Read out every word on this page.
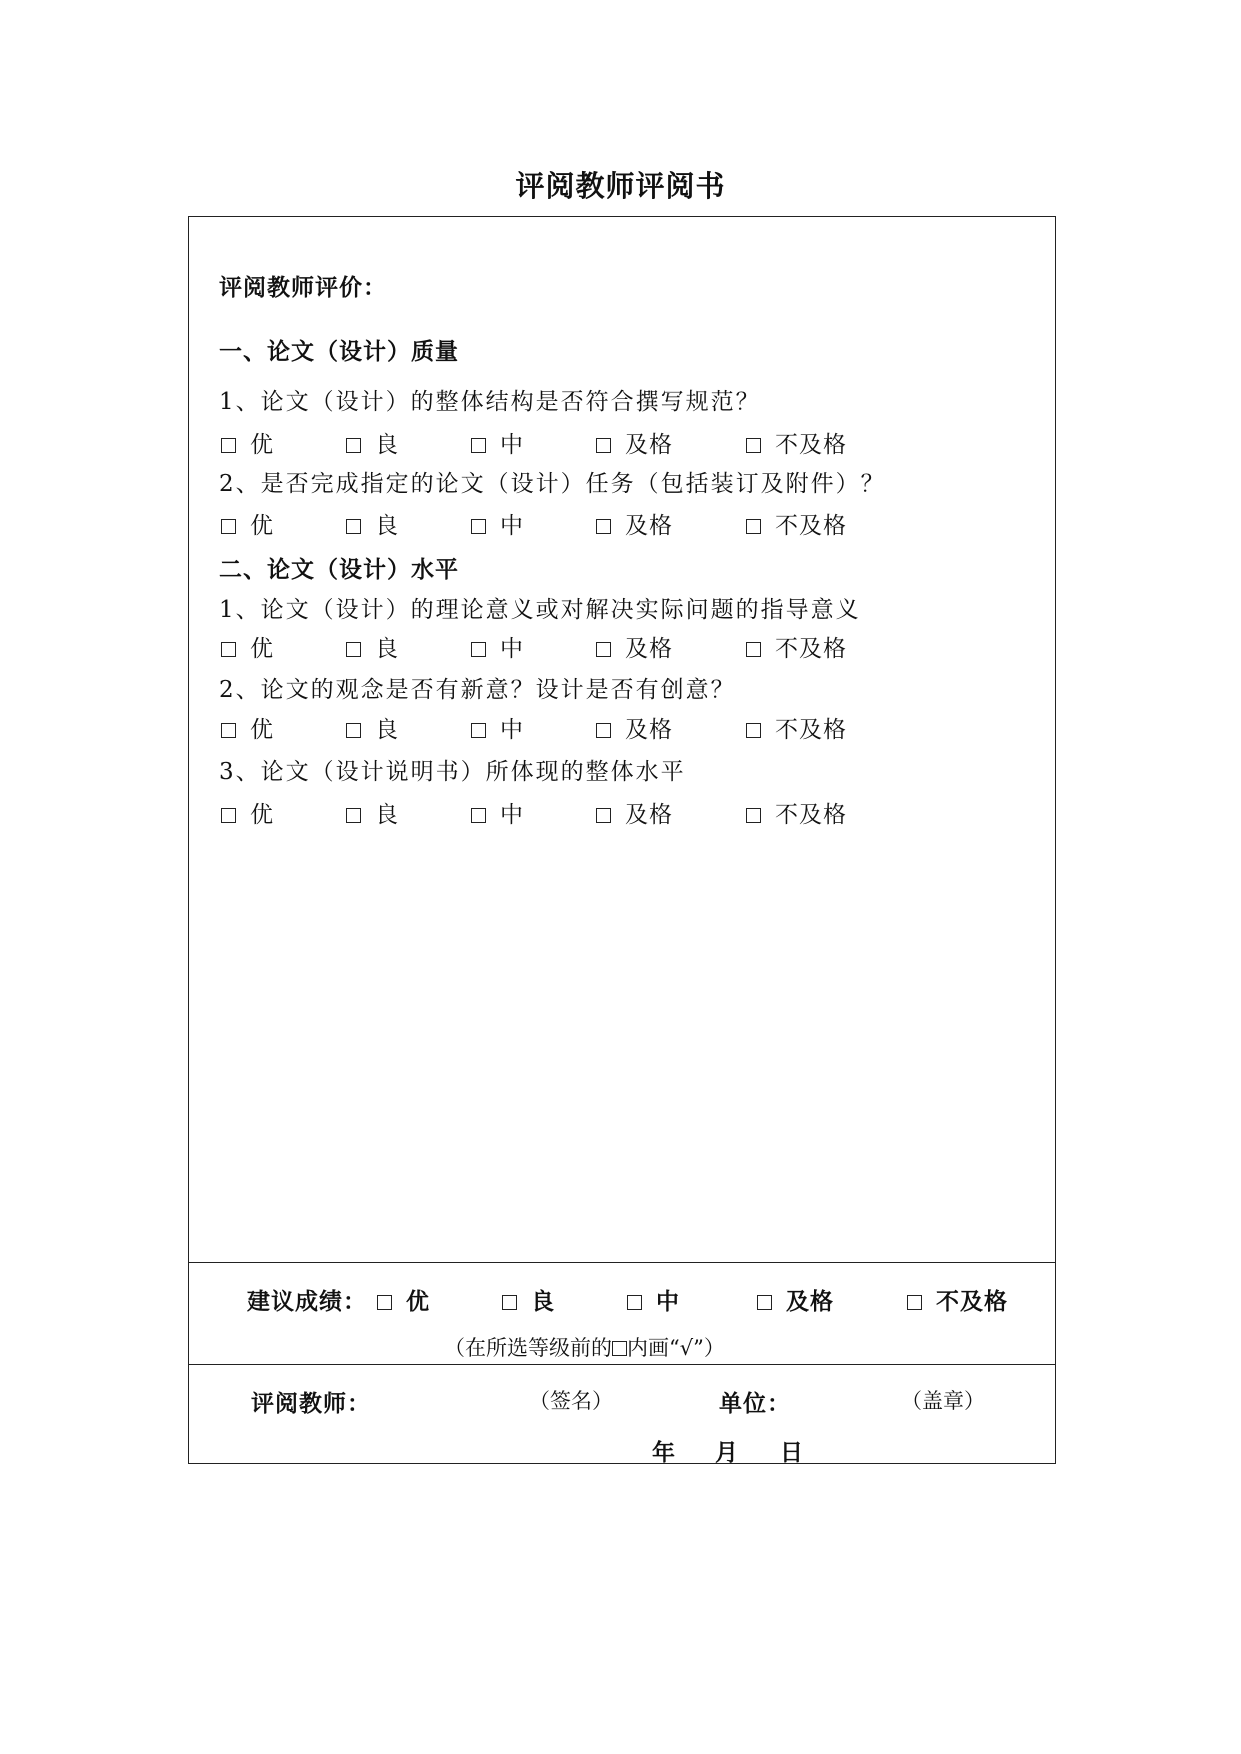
评阅教师评阅书
评阅教师评价：
一、论文（设计）质量
1、论文（设计）的整体结构是否符合撰写规范？
优	良	中	及格	不及格
2、是否完成指定的论文（设计）任务（包括装订及附件）？
优	良	中	及格	不及格
二、论文（设计）水平
1、论文（设计）的理论意义或对解决实际问题的指导意义
优	良	中	及格	不及格
2、论文的观念是否有新意？设计是否有创意？
优	良	中	及格	不及格
3、论文（设计说明书）所体现的整体水平
优	良	中	及格	不及格
建议成绩：	优	良	中	及格	不及格
（在所选等级前的 内画“√”）
评阅教师：	（签名）	单位：	（盖章）
年 月 日
